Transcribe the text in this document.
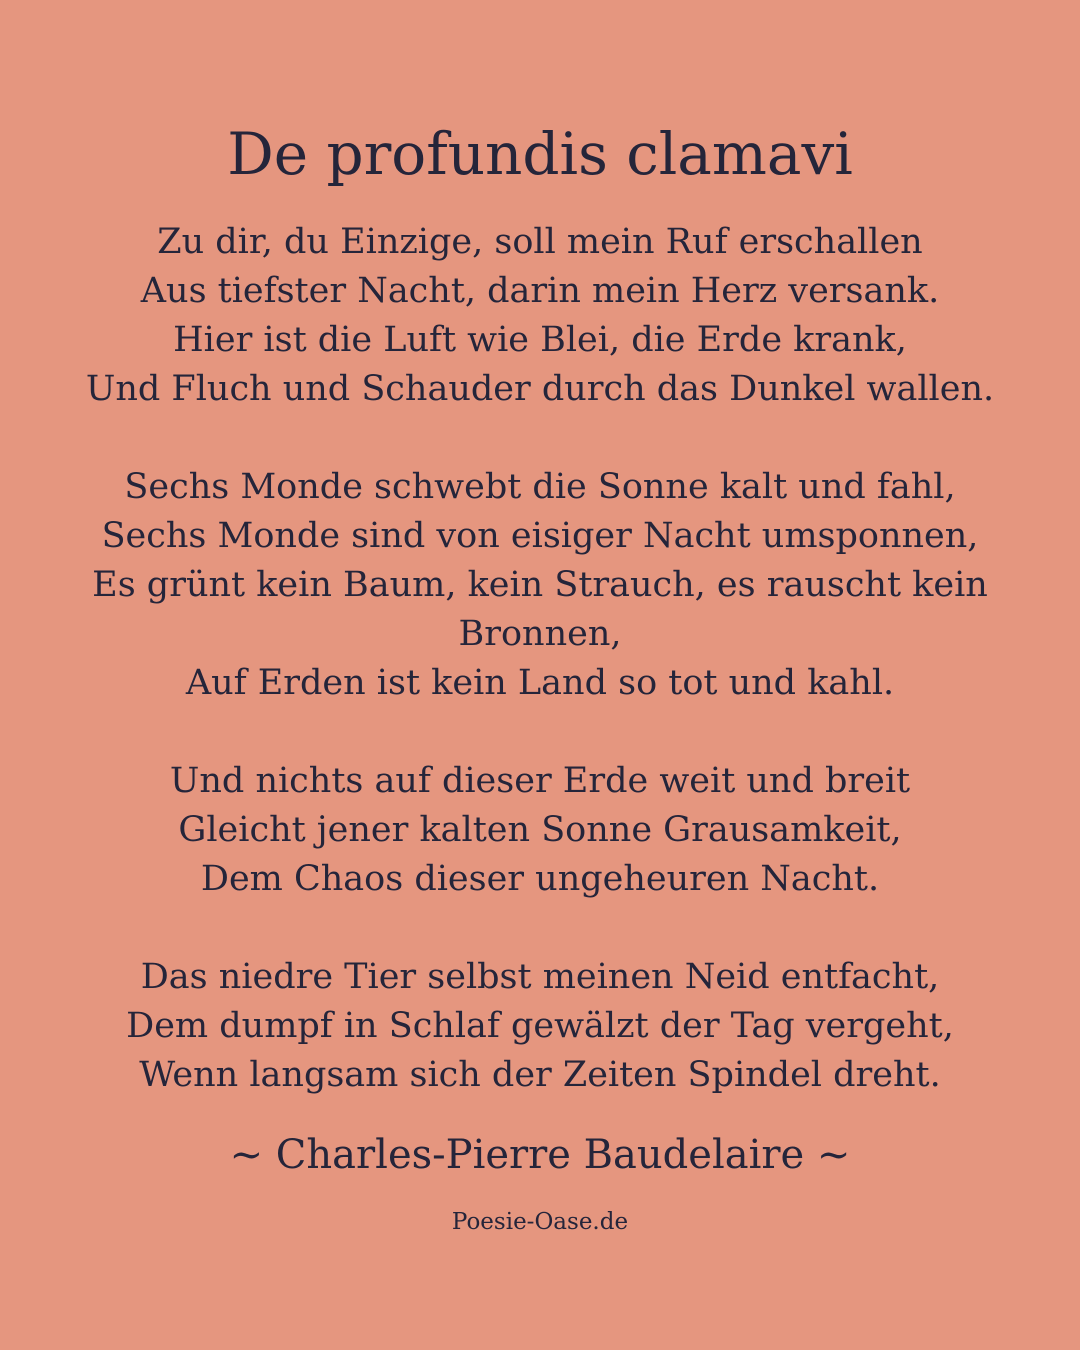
De profundis clamavi
Zu dir, du Einzige, soll mein Ruf erschallen
Aus tiefster Nacht, darin mein Herz versank.
Hier ist die Luft wie Blei, die Erde krank,
Und Fluch und Schauder durch das Dunkel wallen.
Sechs Monde schwebt die Sonne kalt und fahl,
Sechs Monde sind von eisiger Nacht umsponnen,
Es grünt kein Baum, kein Strauch, es rauscht kein
Bronnen,
Auf Erden ist kein Land so tot und kahl.
Und nichts auf dieser Erde weit und breit
Gleicht jener kalten Sonne Grausamkeit,
Dem Chaos dieser ungeheuren Nacht.
Das niedre Tier selbst meinen Neid entfacht,
Dem dumpf in Schlaf gewälzt der Tag vergeht,
Wenn langsam sich der Zeiten Spindel dreht.
~ Charles-Pierre Baudelaire ~
Poesie-Oase.de
